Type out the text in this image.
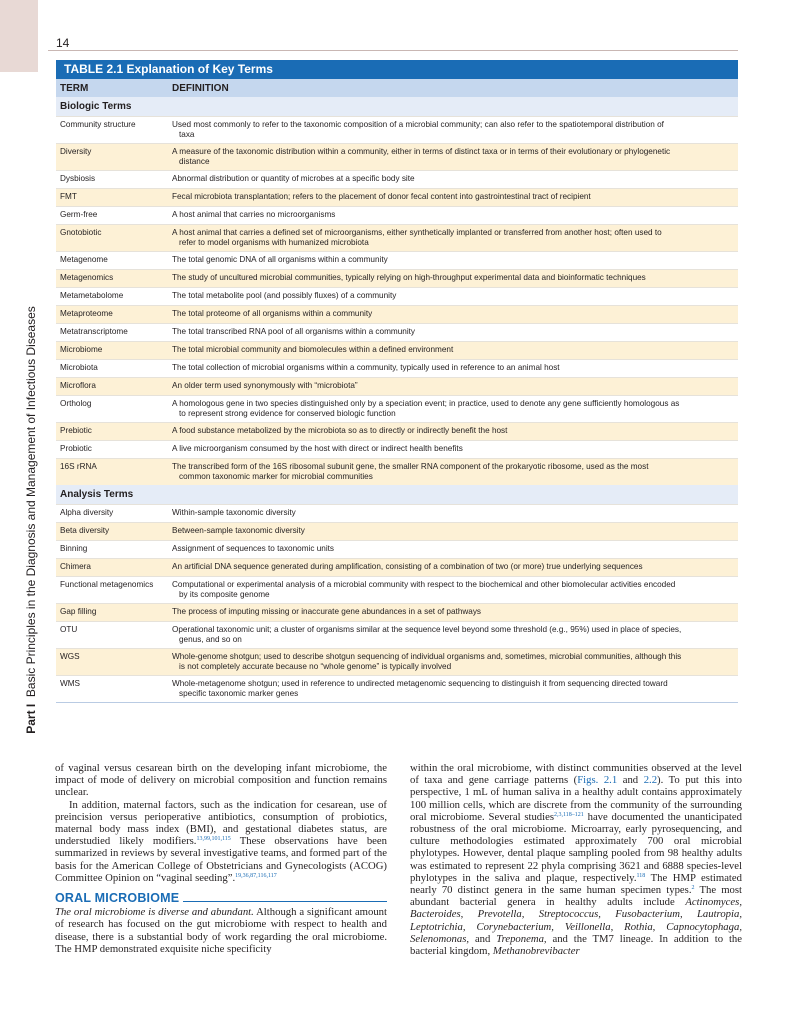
14
Part I  Basic Principles in the Diagnosis and Management of Infectious Diseases
TABLE 2.1 Explanation of Key Terms
TERM	DEFINITION
Biologic Terms
Community structure	Used most commonly to refer to the taxonomic composition of a microbial community; can also refer to the spatiotemporal distribution of
taxa
Diversity	A measure of the taxonomic distribution within a community, either in terms of distinct taxa or in terms of their evolutionary or phylogenetic
distance
Dysbiosis	Abnormal distribution or quantity of microbes at a specific body site
FMT	Fecal microbiota transplantation; refers to the placement of donor fecal content into gastrointestinal tract of recipient
Germ-free	A host animal that carries no microorganisms
Gnotobiotic	A host animal that carries a defined set of microorganisms, either synthetically implanted or transferred from another host; often used to
refer to model organisms with humanized microbiota
Metagenome	The total genomic DNA of all organisms within a community
Metagenomics	The study of uncultured microbial communities, typically relying on high-throughput experimental data and bioinformatic techniques
Metametabolome	The total metabolite pool (and possibly fluxes) of a community
Metaproteome	The total proteome of all organisms within a community
Metatranscriptome	The total transcribed RNA pool of all organisms within a community
Microbiome	The total microbial community and biomolecules within a defined environment
Microbiota	The total collection of microbial organisms within a community, typically used in reference to an animal host
Microflora	An older term used synonymously with “microbiota”
Ortholog	A homologous gene in two species distinguished only by a speciation event; in practice, used to denote any gene sufficiently homologous as
to represent strong evidence for conserved biologic function
Prebiotic	A food substance metabolized by the microbiota so as to directly or indirectly benefit the host
Probiotic	A live microorganism consumed by the host with direct or indirect health benefits
16S rRNA	The transcribed form of the 16S ribosomal subunit gene, the smaller RNA component of the prokaryotic ribosome, used as the most
common taxonomic marker for microbial communities
Analysis Terms
Alpha diversity	Within-sample taxonomic diversity
Beta diversity	Between-sample taxonomic diversity
Binning	Assignment of sequences to taxonomic units
Chimera	An artificial DNA sequence generated during amplification, consisting of a combination of two (or more) true underlying sequences
Functional metagenomics	Computational or experimental analysis of a microbial community with respect to the biochemical and other biomolecular activities encoded
by its composite genome
Gap filling	The process of imputing missing or inaccurate gene abundances in a set of pathways
OTU	Operational taxonomic unit; a cluster of organisms similar at the sequence level beyond some threshold (e.g., 95%) used in place of species,
genus, and so on
WGS	Whole-genome shotgun; used to describe shotgun sequencing of individual organisms and, sometimes, microbial communities, although this
is not completely accurate because no “whole genome” is typically involved
WMS	Whole-metagenome shotgun; used in reference to undirected metagenomic sequencing to distinguish it from sequencing directed toward
specific taxonomic marker genes

of vaginal versus cesarean birth on the developing infant microbiome, the impact of mode of delivery on microbial composition and function remains unclear.

In addition, maternal factors, such as the indication for cesarean, use of preincision versus perioperative antibiotics, consumption of probiotics, maternal body mass index (BMI), and gestational diabetes status, are understudied likely modifiers.$^{13,99,101,115}$ These observations have been summarized in reviews by several investigative teams, and formed part of the basis for the American College of Obstetricians and Gynecologists (ACOG) Committee Opinion on “vaginal seeding”.$^{19,36,87,116,117}$

ORAL MICROBIOME

The oral microbiome is diverse and abundant. Although a significant amount of research has focused on the gut microbiome with respect to health and disease, there is a substantial body of work regarding the oral microbiome. The HMP demonstrated exquisite niche specificity

within the oral microbiome, with distinct communities observed at the level of taxa and gene carriage patterns (Figs. 2.1 and 2.2). To put this into perspective, 1 mL of human saliva in a healthy adult contains approximately 100 million cells, which are discrete from the community of the surrounding oral microbiome. Several studies$^{2,3,118-121}$ have documented the unanticipated robustness of the oral microbiome. Microarray, early pyrosequencing, and culture methodologies estimated approximately 700 oral microbial phylotypes. However, dental plaque sampling pooled from 98 healthy adults was estimated to represent 22 phyla comprising 3621 and 6888 species-level phylotypes in the saliva and plaque, respectively.$^{118}$ The HMP estimated nearly 70 distinct genera in the same human specimen types.$^2$ The most abundant bacterial genera in healthy adults include Actinomyces, Bacteroides, Prevotella, Streptococcus, Fusobacterium, Lautropia, Leptotrichia, Corynebacterium, Veillonella, Rothia, Capnocytophaga, Selenomonas, and Treponema, and the TM7 lineage. In addition to the bacterial kingdom, Methanobrevibacter
